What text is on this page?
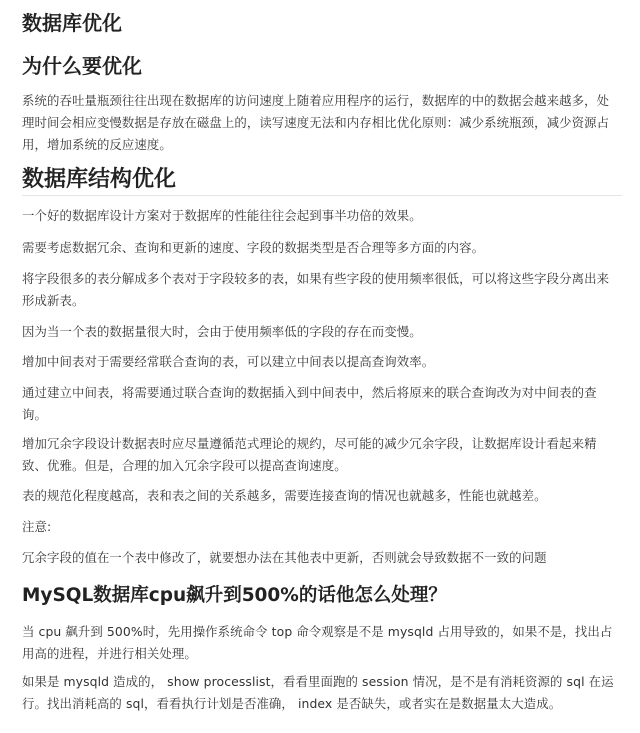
数据库优化
为什么要优化
系统的吞吐量瓶颈往往出现在数据库的访问速度上随着应用程序的运行，数据库的中的数据会越来越多，处理时间会相应变慢数据是存放在磁盘上的，读写速度无法和内存相比优化原则：减少系统瓶颈，减少资源占用，增加系统的反应速度。
数据库结构优化
一个好的数据库设计方案对于数据库的性能往往会起到事半功倍的效果。
需要考虑数据冗余、查询和更新的速度、字段的数据类型是否合理等多方面的内容。
将字段很多的表分解成多个表对于字段较多的表，如果有些字段的使用频率很低，可以将这些字段分离出来形成新表。
因为当一个表的数据量很大时，会由于使用频率低的字段的存在而变慢。
增加中间表对于需要经常联合查询的表，可以建立中间表以提高查询效率。
通过建立中间表，将需要通过联合查询的数据插入到中间表中，然后将原来的联合查询改为对中间表的查询。
增加冗余字段设计数据表时应尽量遵循范式理论的规约，尽可能的减少冗余字段，让数据库设计看起来精致、优雅。但是，合理的加入冗余字段可以提高查询速度。
表的规范化程度越高，表和表之间的关系越多，需要连接查询的情况也就越多，性能也就越差。
注意:
冗余字段的值在一个表中修改了，就要想办法在其他表中更新，否则就会导致数据不一致的问题
MySQL数据库cpu飙升到500%的话他怎么处理？
当 cpu 飙升到 500%时，先用操作系统命令 top 命令观察是不是 mysqld 占用导致的，如果不是，找出占用高的进程，并进行相关处理。
如果是 mysqld 造成的， show processlist，看看里面跑的 session 情况，是不是有消耗资源的 sql 在运行。找出消耗高的 sql，看看执行计划是否准确， index 是否缺失，或者实在是数据量太大造成。
